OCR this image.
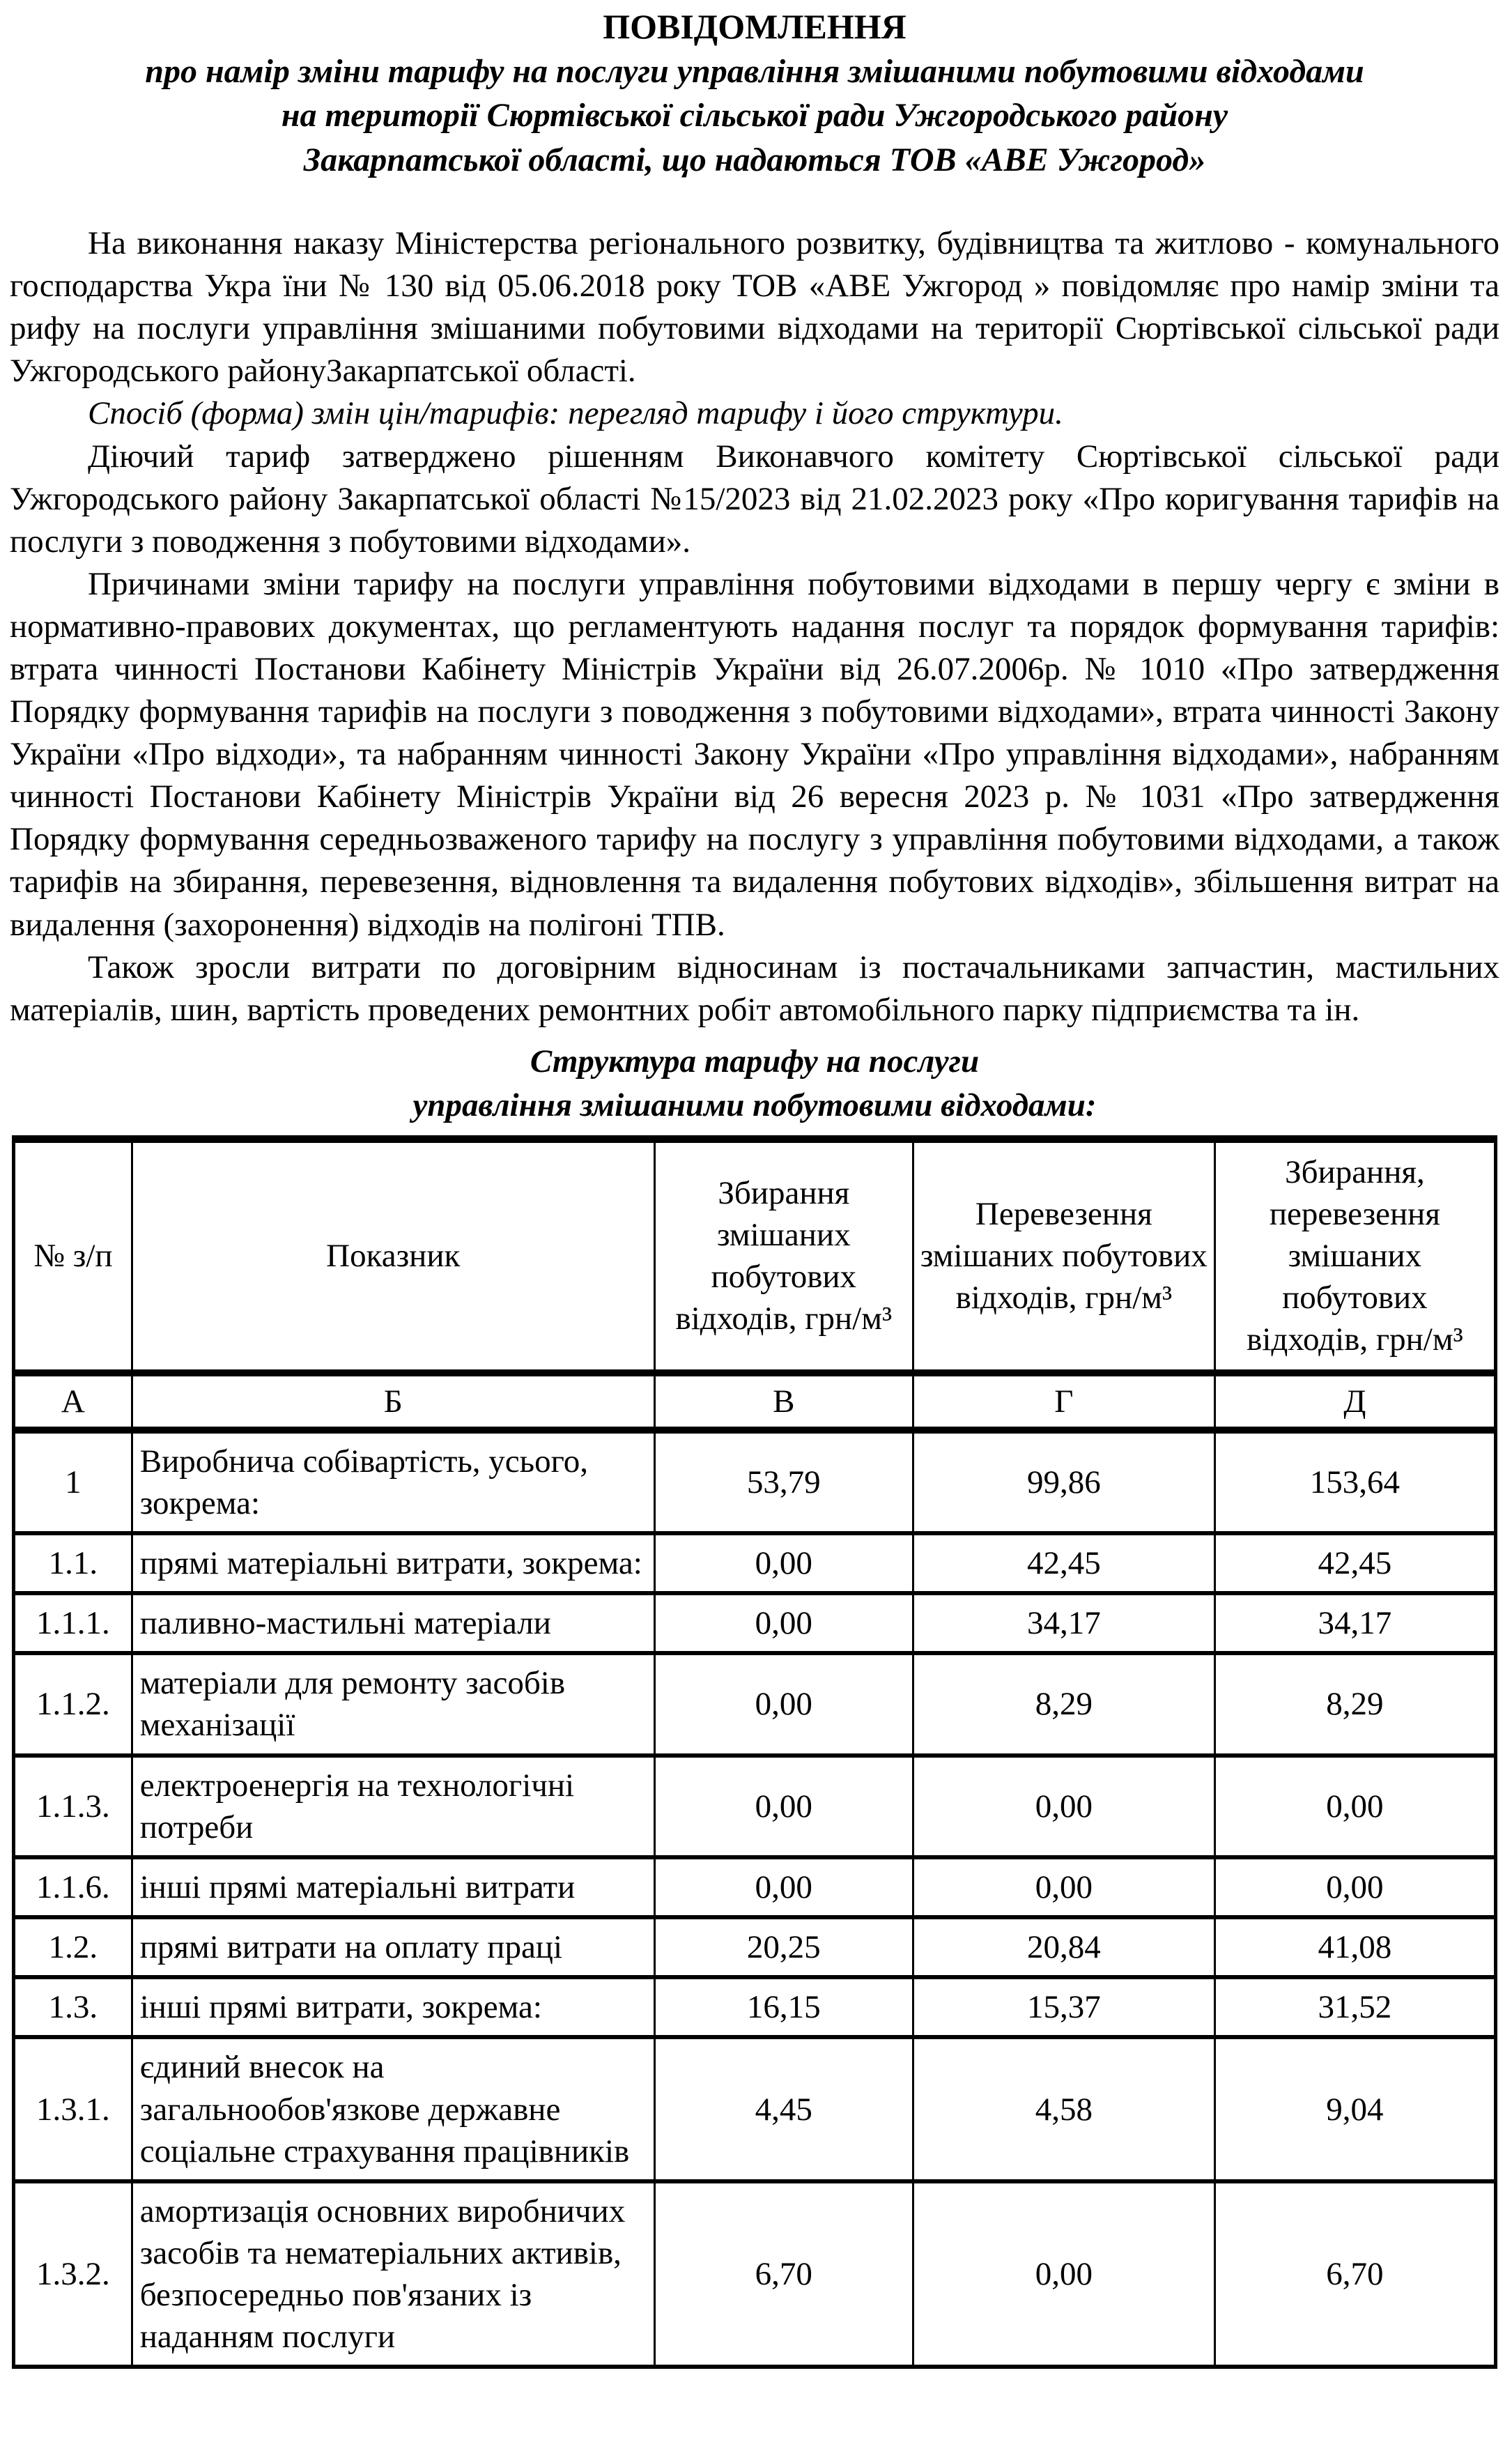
ПОВІДОМЛЕННЯ
про намір зміни тарифу на послуги управління змішаними побутовими відходами
на території Сюртівської сільської ради Ужгородського району
Закарпатської області, що надаються ТОВ «АВЕ Ужгород»

На виконання наказу Міністерства регіонального розвитку, будівництва та житлово - комунального господарства Укра їни № 130 від 05.06.2018 року ТОВ «АВЕ Ужгород » повідомляє про намір зміни та рифу на послуги управління змішаними побутовими відходами на території Сюртівської сільської ради Ужгородського районуЗакарпатської області.

Спосіб (форма) змін цін/тарифів: перегляд тарифу і його структури.

Діючий тариф затверджено рішенням Виконавчого комітету Сюртівської сільської ради Ужгородського району Закарпатської області №15/2023 від 21.02.2023 року «Про коригування тарифів на послуги з поводження з побутовими відходами».

Причинами зміни тарифу на послуги управління побутовими відходами в першу чергу є зміни в нормативно-правових документах, що регламентують надання послуг та порядок формування тарифів: втрата чинності Постанови Кабінету Міністрів України від 26.07.2006р. № 1010 «Про затвердження Порядку формування тарифів на послуги з поводження з побутовими відходами», втрата чинності Закону України «Про відходи», та набранням чинності Закону України «Про управління відходами», набранням чинності Постанови Кабінету Міністрів України від 26 вересня 2023 р. № 1031 «Про затвердження Порядку формування середньозваженого тарифу на послугу з управління побутовими відходами, а також тарифів на збирання, перевезення, відновлення та видалення побутових відходів», збільшення витрат на видалення (захоронення) відходів на полігоні ТПВ.

Також зросли витрати по договірним відносинам із постачальниками запчастин, мастильних матеріалів, шин, вартість проведених ремонтних робіт автомобільного парку підприємства та ін.

Структура тарифу на послуги
управління змішаними побутовими відходами:
№ з/п	Показник	Збирання змішаних побутових відходів, грн/м³	Перевезення змішаних побутових відходів, грн/м³	Збирання, перевезення змішаних побутових відходів, грн/м³
А	Б	В	Г	Д
1	Виробнича собівартість, усього, зокрема:	53,79	99,86	153,64
1.1.	прямі матеріальні витрати, зокрема:	0,00	42,45	42,45
1.1.1.	паливно-мастильні матеріали	0,00	34,17	34,17
1.1.2.	матеріали для ремонту засобів механізації	0,00	8,29	8,29
1.1.3.	електроенергія на технологічні потреби	0,00	0,00	0,00
1.1.6.	інші прямі матеріальні витрати	0,00	0,00	0,00
1.2.	прямі витрати на оплату праці	20,25	20,84	41,08
1.3.	інші прямі витрати, зокрема:	16,15	15,37	31,52
1.3.1.	єдиний внесок на загальнообов'язкове державне соціальне страхування працівників	4,45	4,58	9,04
1.3.2.	амортизація основних виробничих засобів та нематеріальних активів, безпосередньо пов'язаних із наданням послуги	6,70	0,00	6,70
